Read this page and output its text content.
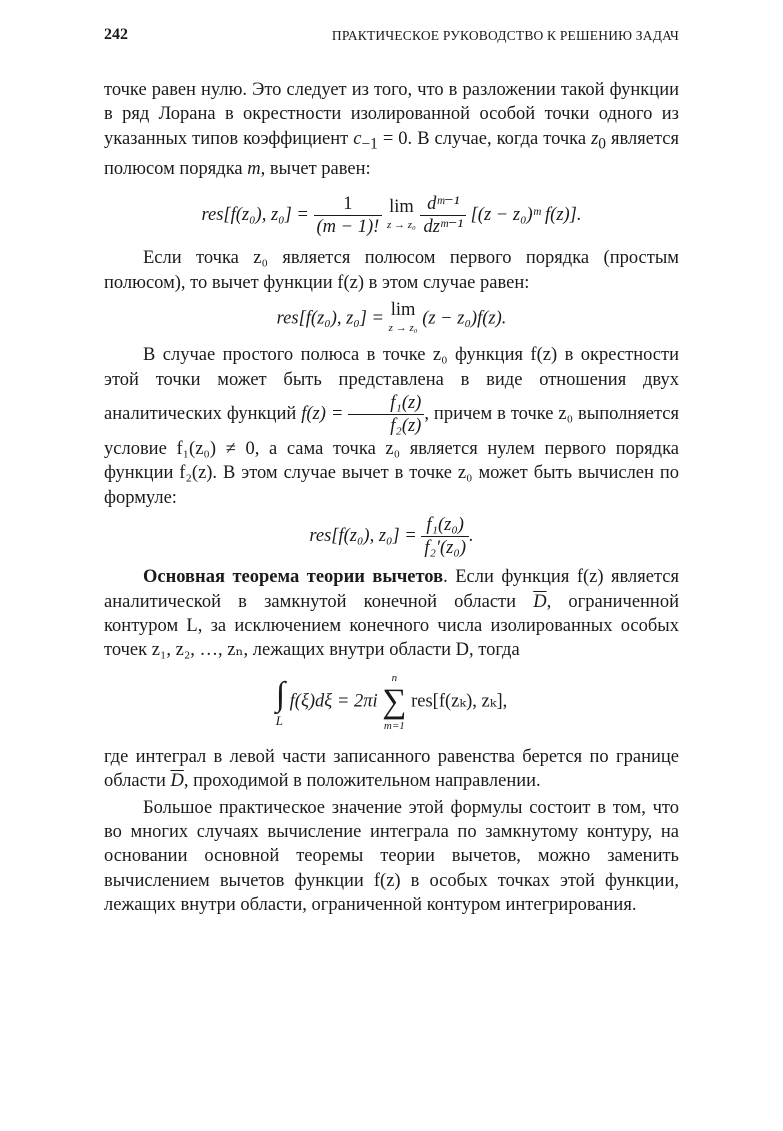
242	ПРАКТИЧЕСКОЕ РУКОВОДСТВО К РЕШЕНИЮ ЗАДАЧ

точке равен нулю. Это следует из того, что в разложении такой функции в ряд Лорана в окрестности изолированной особой точки одного из указанных типов коэффициент $c_{-1} = 0$. В случае, когда точка $z_0$ является полюсом порядка m, вычет равен:

res[f(z₀), $z_0] = \frac{1}{(m - 1)!}$ lim
z → z₀

dᵐ⁻¹
dzᵐ⁻¹
[(z − z₀)ᵐ f(z)].

Если точка z₀ является полюсом первого порядка (простым полюсом), то вычет функции f(z) в этом случае равен:

res[f(z₀), z₀] = lim
z → z₀ (z − z₀)f(z).

В случае простого полюса в точке z₀ функция f(z) в окрестности этой точки может быть представлена в виде отношения двух аналитических функций $f(z) = \frac{\text{f₁(z)}}{\text{f₂(z)}}$ , причем в точке z₀ выполняется условие f₁(z₀) ≠ 0, а сама точка z₀ является нулем первого порядка функции f₂(z). В этом случае вычет в точке z₀ может быть вычислен по формуле:

res[f(z₀), $z_0] = \frac{\text{f₁(z₀)}}{\text{f₂′(z₀)}}$ .

Основная теорема теории вычетов. Если функция f(z) является аналитической в замкнутой конечной области $\overline{D}$, ограниченной контуром L, за исключением конечного числа изолированных особых точек z₁, z₂, …, zₙ, лежащих внутри области D, тогда

∫
L
f(ξ)dξ = 2πi
n
∑
m=1
res[f(zₖ), zₖ],

где интеграл в левой части записанного равенства берется по границе области $\overline{D}$, проходимой в положительном направлении.

Большое практическое значение этой формулы состоит в том, что во многих случаях вычисление интеграла по замкнутому контуру, на основании основной теоремы теории вычетов, можно заменить вычислением вычетов функции f(z) в особых точках этой функции, лежащих внутри области, ограниченной контуром интегрирования.
